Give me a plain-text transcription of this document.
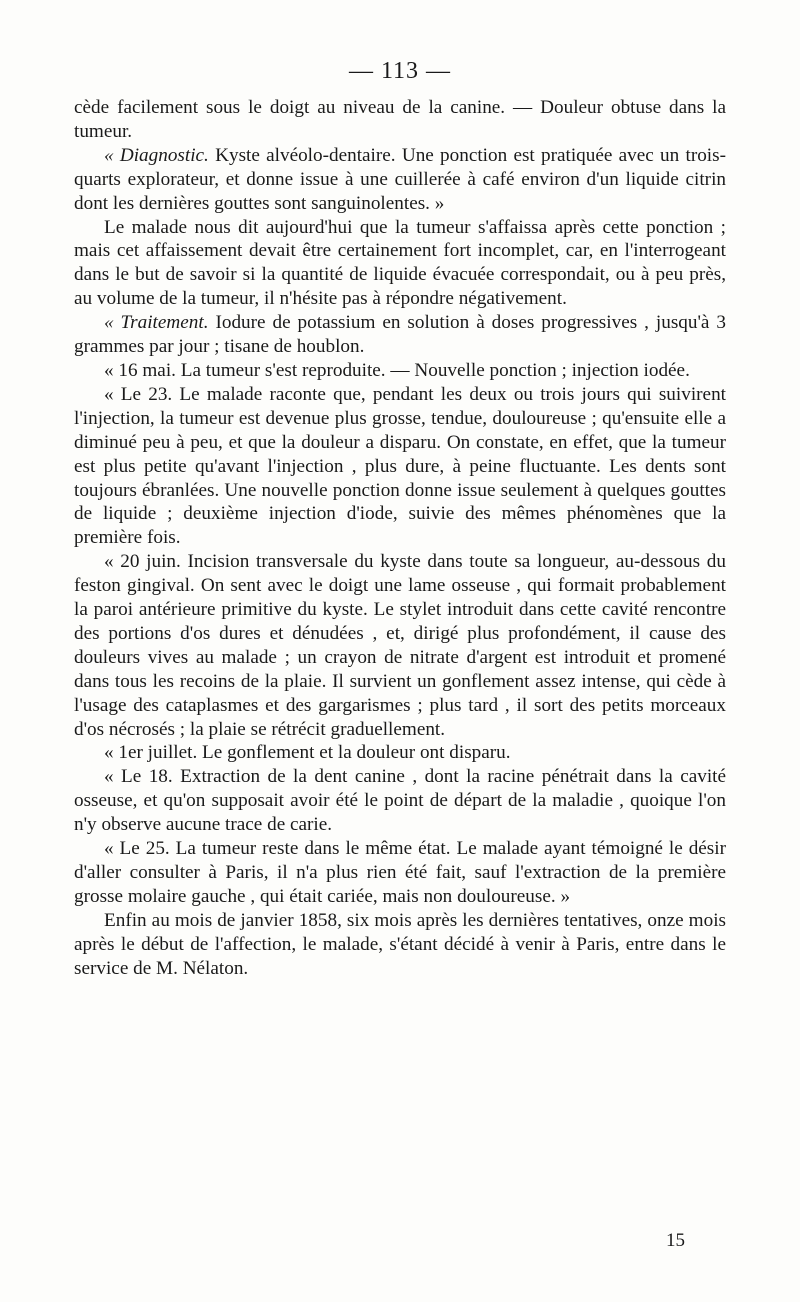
— 113 —

cède facilement sous le doigt au niveau de la canine. — Douleur obtuse dans la tumeur.

« Diagnostic. Kyste alvéolo-dentaire. Une ponction est pratiquée avec un trois-quarts explorateur, et donne issue à une cuillerée à café environ d'un liquide citrin dont les dernières gouttes sont sanguinolentes. »

Le malade nous dit aujourd'hui que la tumeur s'affaissa après cette ponction ; mais cet affaissement devait être certainement fort incomplet, car, en l'interrogeant dans le but de savoir si la quantité de liquide évacuée correspondait, ou à peu près, au volume de la tumeur, il n'hésite pas à répondre négativement.

« Traitement. Iodure de potassium en solution à doses progressives , jusqu'à 3 grammes par jour ; tisane de houblon.

« 16 mai. La tumeur s'est reproduite. — Nouvelle ponction ; injection iodée.

« Le 23. Le malade raconte que, pendant les deux ou trois jours qui suivirent l'injection, la tumeur est devenue plus grosse, tendue, douloureuse ; qu'ensuite elle a diminué peu à peu, et que la douleur a disparu. On constate, en effet, que la tumeur est plus petite qu'avant l'injection , plus dure, à peine fluctuante. Les dents sont toujours ébranlées. Une nouvelle ponction donne issue seulement à quelques gouttes de liquide ; deuxième injection d'iode, suivie des mêmes phénomènes que la première fois.

« 20 juin. Incision transversale du kyste dans toute sa longueur, au-dessous du feston gingival. On sent avec le doigt une lame osseuse , qui formait probablement la paroi antérieure primitive du kyste. Le stylet introduit dans cette cavité rencontre des portions d'os dures et dénudées , et, dirigé plus profondément, il cause des douleurs vives au malade ; un crayon de nitrate d'argent est introduit et promené dans tous les recoins de la plaie. Il survient un gonflement assez intense, qui cède à l'usage des cataplasmes et des gargarismes ; plus tard , il sort des petits morceaux d'os nécrosés ; la plaie se rétrécit graduellement.

« 1er juillet. Le gonflement et la douleur ont disparu.

« Le 18. Extraction de la dent canine , dont la racine pénétrait dans la cavité osseuse, et qu'on supposait avoir été le point de départ de la maladie , quoique l'on n'y observe aucune trace de carie.

« Le 25. La tumeur reste dans le même état. Le malade ayant témoigné le désir d'aller consulter à Paris, il n'a plus rien été fait, sauf l'extraction de la première grosse molaire gauche , qui était cariée, mais non douloureuse. »

Enfin au mois de janvier 1858, six mois après les dernières tentatives, onze mois après le début de l'affection, le malade, s'étant décidé à venir à Paris, entre dans le service de M. Nélaton.

15
